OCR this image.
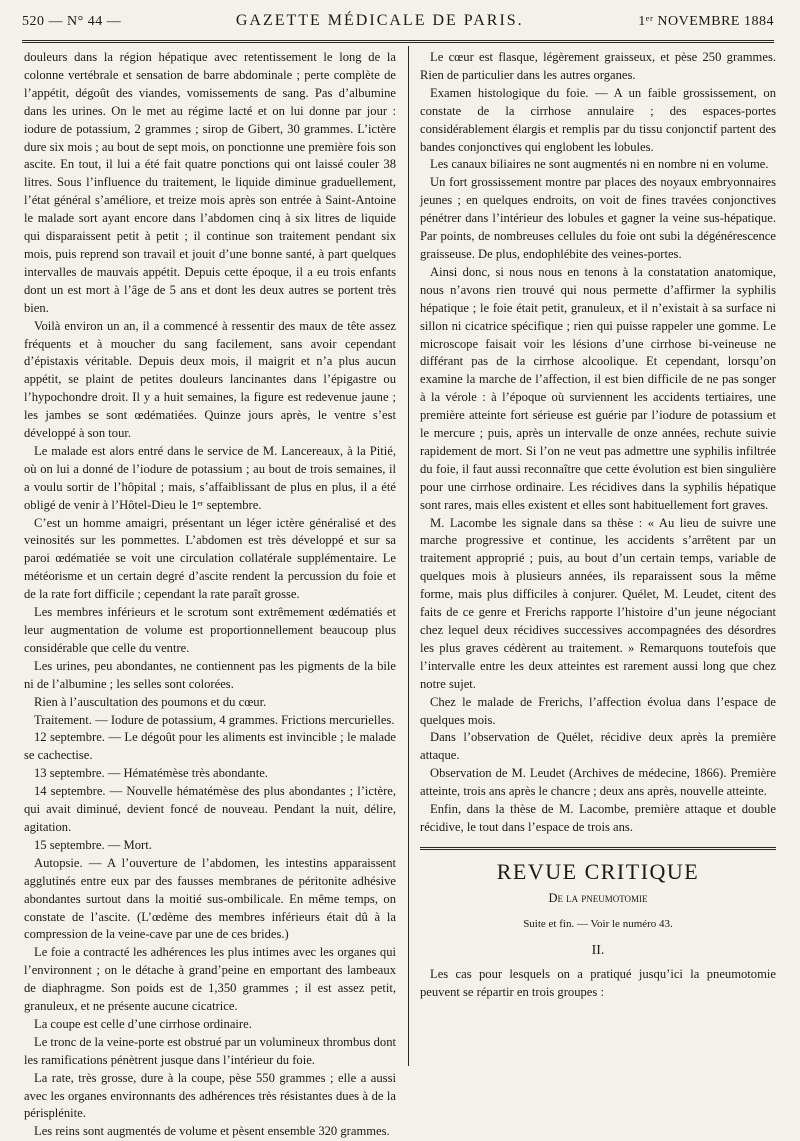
520 — N° 44 —	GAZETTE MÉDICALE DE PARIS.	1ᵉʳ NOVEMBRE 1884

douleurs dans la région hépatique avec retentissement le long de la colonne vertébrale et sensation de barre abdominale ; perte complète de l’appétit, dégoût des viandes, vomissements de sang. Pas d’albumine dans les urines. On le met au régime lacté et on lui donne par jour : iodure de potassium, 2 grammes ; sirop de Gibert, 30 grammes. L’ictère dure six mois ; au bout de sept mois, on ponctionne une première fois son ascite. En tout, il lui a été fait quatre ponctions qui ont laissé couler 38 litres. Sous l’influence du traitement, le liquide diminue graduellement, l’état général s’améliore, et treize mois après son entrée à Saint-Antoine le malade sort ayant encore dans l’abdomen cinq à six litres de liquide qui disparaissent petit à petit ; il continue son traitement pendant six mois, puis reprend son travail et jouit d’une bonne santé, à part quelques intervalles de mauvais appétit. Depuis cette époque, il a eu trois enfants dont un est mort à l’âge de 5 ans et dont les deux autres se portent très bien.

Voilà environ un an, il a commencé à ressentir des maux de tête assez fréquents et à moucher du sang facilement, sans avoir cependant d’épistaxis véritable. Depuis deux mois, il maigrit et n’a plus aucun appétit, se plaint de petites douleurs lancinantes dans l’épigastre ou l’hypochondre droit. Il y a huit semaines, la figure est redevenue jaune ; les jambes se sont œdématiées. Quinze jours après, le ventre s’est développé à son tour.

Le malade est alors entré dans le service de M. Lancereaux, à la Pitié, où on lui a donné de l’iodure de potassium ; au bout de trois semaines, il a voulu sortir de l’hôpital ; mais, s’affaiblissant de plus en plus, il a été obligé de venir à l’Hôtel-Dieu le 1ᵉʳ septembre.

C’est un homme amaigri, présentant un léger ictère généralisé et des veinosités sur les pommettes. L’abdomen est très développé et sur sa paroi œdématiée se voit une circulation collatérale supplémentaire. Le météorisme et un certain degré d’ascite rendent la percussion du foie et de la rate fort difficile ; cependant la rate paraît grosse.

Les membres inférieurs et le scrotum sont extrêmement œdématiés et leur augmentation de volume est proportionnellement beaucoup plus considérable que celle du ventre.

Les urines, peu abondantes, ne contiennent pas les pigments de la bile ni de l’albumine ; les selles sont colorées.

Rien à l’auscultation des poumons et du cœur.

Traitement. — Iodure de potassium, 4 grammes. Frictions mercurielles.

12 septembre. — Le dégoût pour les aliments est invincible ; le malade se cachectise.

13 septembre. — Hématémèse très abondante.

14 septembre. — Nouvelle hématémèse des plus abondantes ; l’ictère, qui avait diminué, devient foncé de nouveau. Pendant la nuit, délire, agitation.

15 septembre. — Mort.

Autopsie. — A l’ouverture de l’abdomen, les intestins apparaissent agglutinés entre eux par des fausses membranes de péritonite adhésive abondantes surtout dans la moitié sus-ombilicale. En même temps, on constate de l’ascite. (L’œdème des membres inférieurs était dû à la compression de la veine-cave par une de ces brides.)

Le foie a contracté les adhérences les plus intimes avec les organes qui l’environnent ; on le détache à grand’peine en emportant des lambeaux de diaphragme. Son poids est de 1,350 grammes ; il est assez petit, granuleux, et ne présente aucune cicatrice.

La coupe est celle d’une cirrhose ordinaire.

Le tronc de la veine-porte est obstrué par un volumineux thrombus dont les ramifications pénètrent jusque dans l’intérieur du foie.

La rate, très grosse, dure à la coupe, pèse 550 grammes ; elle a aussi avec les organes environnants des adhérences très résistantes dues à de la périsplénite.

Les reins sont augmentés de volume et pèsent ensemble 320 grammes.

Le cœur est flasque, légèrement graisseux, et pèse 250 grammes. Rien de particulier dans les autres organes.

Examen histologique du foie. — A un faible grossissement, on constate de la cirrhose annulaire ; des espaces-portes considérablement élargis et remplis par du tissu conjonctif partent des bandes conjonctives qui englobent les lobules.

Les canaux biliaires ne sont augmentés ni en nombre ni en volume.

Un fort grossissement montre par places des noyaux embryonnaires jeunes ; en quelques endroits, on voit de fines travées conjonctives pénétrer dans l’intérieur des lobules et gagner la veine sus-hépatique. Par points, de nombreuses cellules du foie ont subi la dégénérescence graisseuse. De plus, endophlébite des veines-portes.

Ainsi donc, si nous nous en tenons à la constatation anatomique, nous n’avons rien trouvé qui nous permette d’affirmer la syphilis hépatique ; le foie était petit, granuleux, et il n’existait à sa surface ni sillon ni cicatrice spécifique ; rien qui puisse rappeler une gomme. Le microscope faisait voir les lésions d’une cirrhose bi-veineuse ne différant pas de la cirrhose alcoolique. Et cependant, lorsqu’on examine la marche de l’affection, il est bien difficile de ne pas songer à la vérole : à l’époque où surviennent les accidents tertiaires, une première atteinte fort sérieuse est guérie par l’iodure de potassium et le mercure ; puis, après un intervalle de onze années, rechute suivie rapidement de mort. Si l’on ne veut pas admettre une syphilis infiltrée du foie, il faut aussi reconnaître que cette évolution est bien singulière pour une cirrhose ordinaire. Les récidives dans la syphilis hépatique sont rares, mais elles existent et elles sont habituellement fort graves.

M. Lacombe les signale dans sa thèse : « Au lieu de suivre une marche progressive et continue, les accidents s’arrêtent par un traitement approprié ; puis, au bout d’un certain temps, variable de quelques mois à plusieurs années, ils reparaissent sous la même forme, mais plus difficiles à conjurer. Quélet, M. Leudet, citent des faits de ce genre et Frerichs rapporte l’histoire d’un jeune négociant chez lequel deux récidives successives accompagnées des désordres les plus graves cédèrent au traitement. » Remarquons toutefois que l’intervalle entre les deux atteintes est rarement aussi long que chez notre sujet.

Chez le malade de Frerichs, l’affection évolua dans l’espace de quelques mois.

Dans l’observation de Quélet, récidive deux après la première attaque.

Observation de M. Leudet (Archives de médecine, 1866). Première atteinte, trois ans après le chancre ; deux ans après, nouvelle atteinte.

Enfin, dans la thèse de M. Lacombe, première attaque et double récidive, le tout dans l’espace de trois ans.

REVUE CRITIQUE
De la pneumotomie
Suite et fin. — Voir le numéro 43.
II.

Les cas pour lesquels on a pratiqué jusqu’ici la pneumotomie peuvent se répartir en trois groupes :
